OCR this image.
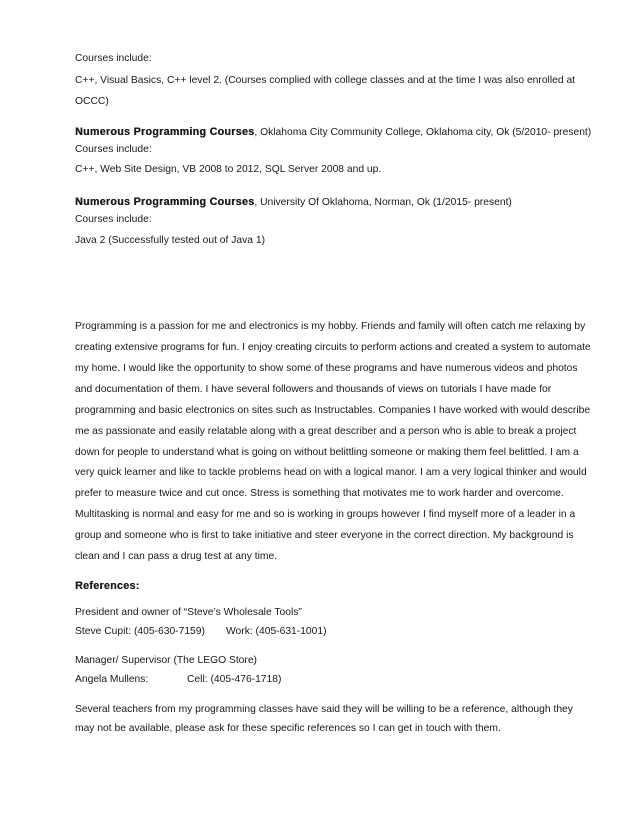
Courses include:
C++, Visual Basics, C++ level 2. (Courses complied with college classes and at the time I was also enrolled at
OCCC)
Numerous Programming Courses, Oklahoma City Community College, Oklahoma city, Ok (5/2010- present)
Courses include:
C++, Web Site Design, VB 2008 to 2012, SQL Server 2008 and up.
Numerous Programming Courses, University Of Oklahoma, Norman, Ok (1/2015- present)
Courses include:
Java 2 (Successfully tested out of Java 1)
Programming is a passion for me and electronics is my hobby. Friends and family will often catch me relaxing by
creating extensive programs for fun. I enjoy creating circuits to perform actions and created a system to automate
my home. I would like the opportunity to show some of these programs and have numerous videos and photos
and documentation of them. I have several followers and thousands of views on tutorials I have made for
programming and basic electronics on sites such as Instructables. Companies I have worked with would describe
me as passionate and easily relatable along with a great describer and a person who is able to break a project
down for people to understand what is going on without belittling someone or making them feel belittled. I am a
very quick learner and like to tackle problems head on with a logical manor. I am a very logical thinker and would
prefer to measure twice and cut once. Stress is something that motivates me to work harder and overcome.
Multitasking is normal and easy for me and so is working in groups however I find myself more of a leader in a
group and someone who is first to take initiative and steer everyone in the correct direction. My background is
clean and I can pass a drug test at any time.
References:
President and owner of “Steve’s Wholesale Tools”
Steve Cupit: (405-630-7159) Work: (405-631-1001)
Manager/ Supervisor (The LEGO Store)
Angela Mullens:	Cell: (405-476-1718)
Several teachers from my programming classes have said they will be willing to be a reference, although they
may not be available, please ask for these specific references so I can get in touch with them.
